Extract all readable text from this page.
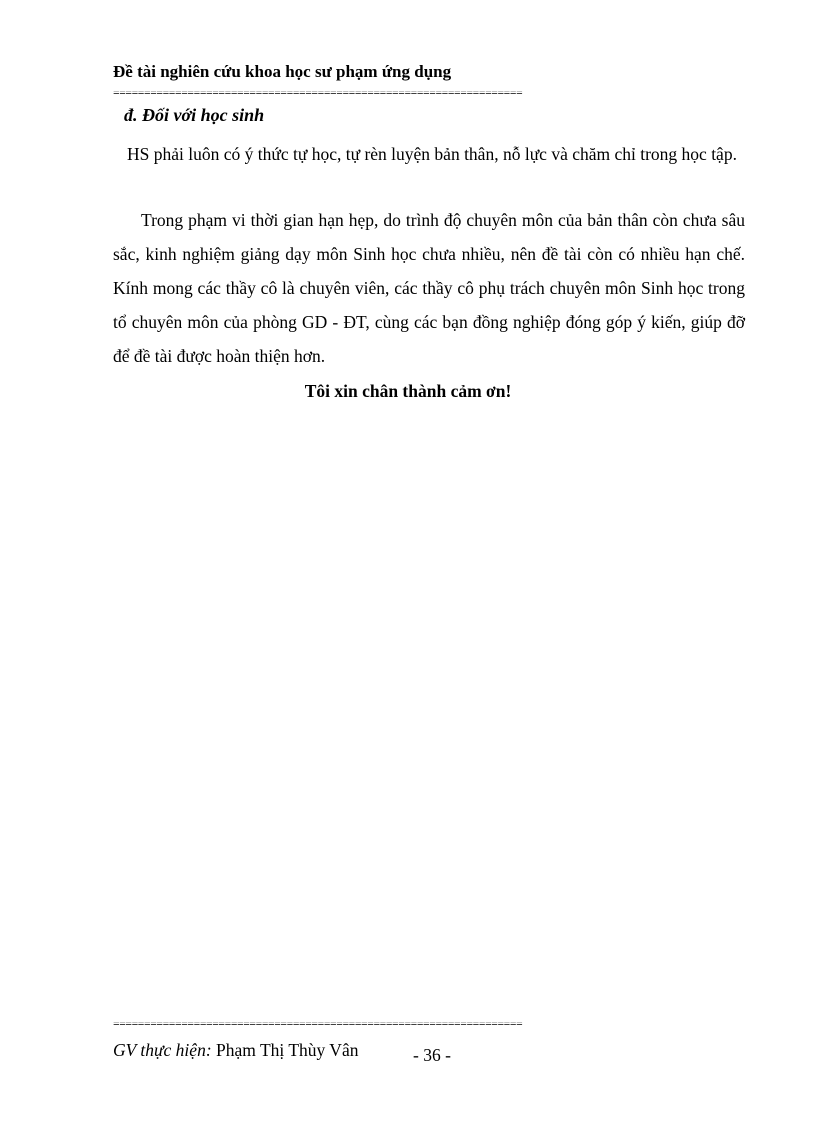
Đề tài nghiên cứu khoa học sư phạm ứng dụng
==================================================================
đ. Đối với học sinh
HS phải luôn có ý thức tự học, tự rèn luyện bản thân, nỗ lực và chăm chỉ trong học tập.
Trong phạm vi thời gian hạn hẹp, do trình độ chuyên môn của bản thân còn chưa sâu sắc, kinh nghiệm giảng dạy môn Sinh học chưa nhiều, nên đề tài còn có nhiều hạn chế. Kính mong các thầy cô là chuyên viên, các thầy cô phụ trách chuyên môn Sinh học trong tổ chuyên môn của phòng GD - ĐT, cùng các bạn đồng nghiệp đóng góp ý kiến, giúp đỡ để đề tài được hoàn thiện hơn.
Tôi xin chân thành cảm ơn!
==================================================================
GV thực hiện: Phạm Thị Thùy Vân	- 36 -
